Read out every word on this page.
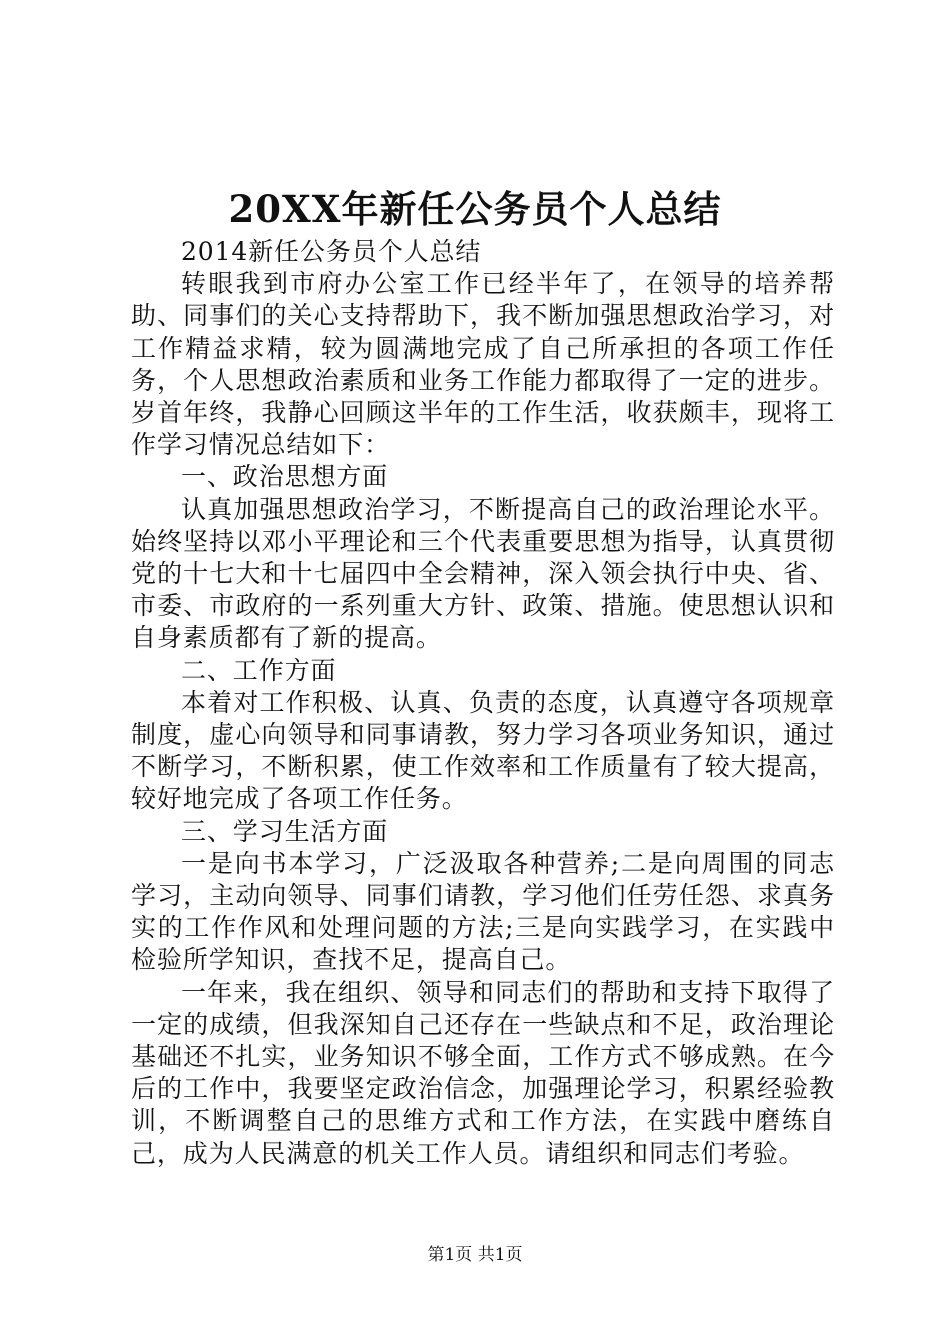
20XX年新任公务员个人总结

2014新任公务员个人总结

转眼我到市府办公室工作已经半年了，在领导的培养帮助、同事们的关心支持帮助下，我不断加强思想政治学习，对工作精益求精，较为圆满地完成了自己所承担的各项工作任务，个人思想政治素质和业务工作能力都取得了一定的进步。岁首年终，我静心回顾这半年的工作生活，收获颇丰，现将工作学习情况总结如下：

一、政治思想方面

认真加强思想政治学习，不断提高自己的政治理论水平。始终坚持以邓小平理论和三个代表重要思想为指导，认真贯彻党的十七大和十七届四中全会精神，深入领会执行中央、省、市委、市政府的一系列重大方针、政策、措施。使思想认识和自身素质都有了新的提高。

二、工作方面

本着对工作积极、认真、负责的态度，认真遵守各项规章制度，虚心向领导和同事请教，努力学习各项业务知识，通过不断学习，不断积累，使工作效率和工作质量有了较大提高，较好地完成了各项工作任务。

三、学习生活方面

一是向书本学习，广泛汲取各种营养;二是向周围的同志学习，主动向领导、同事们请教，学习他们任劳任怨、求真务实的工作作风和处理问题的方法;三是向实践学习，在实践中检验所学知识，查找不足，提高自己。

一年来，我在组织、领导和同志们的帮助和支持下取得了一定的成绩，但我深知自己还存在一些缺点和不足，政治理论基础还不扎实，业务知识不够全面，工作方式不够成熟。在今后的工作中，我要坚定政治信念，加强理论学习，积累经验教训，不断调整自己的思维方式和工作方法，在实践中磨练自己，成为人民满意的机关工作人员。请组织和同志们考验。

第1页 共1页
